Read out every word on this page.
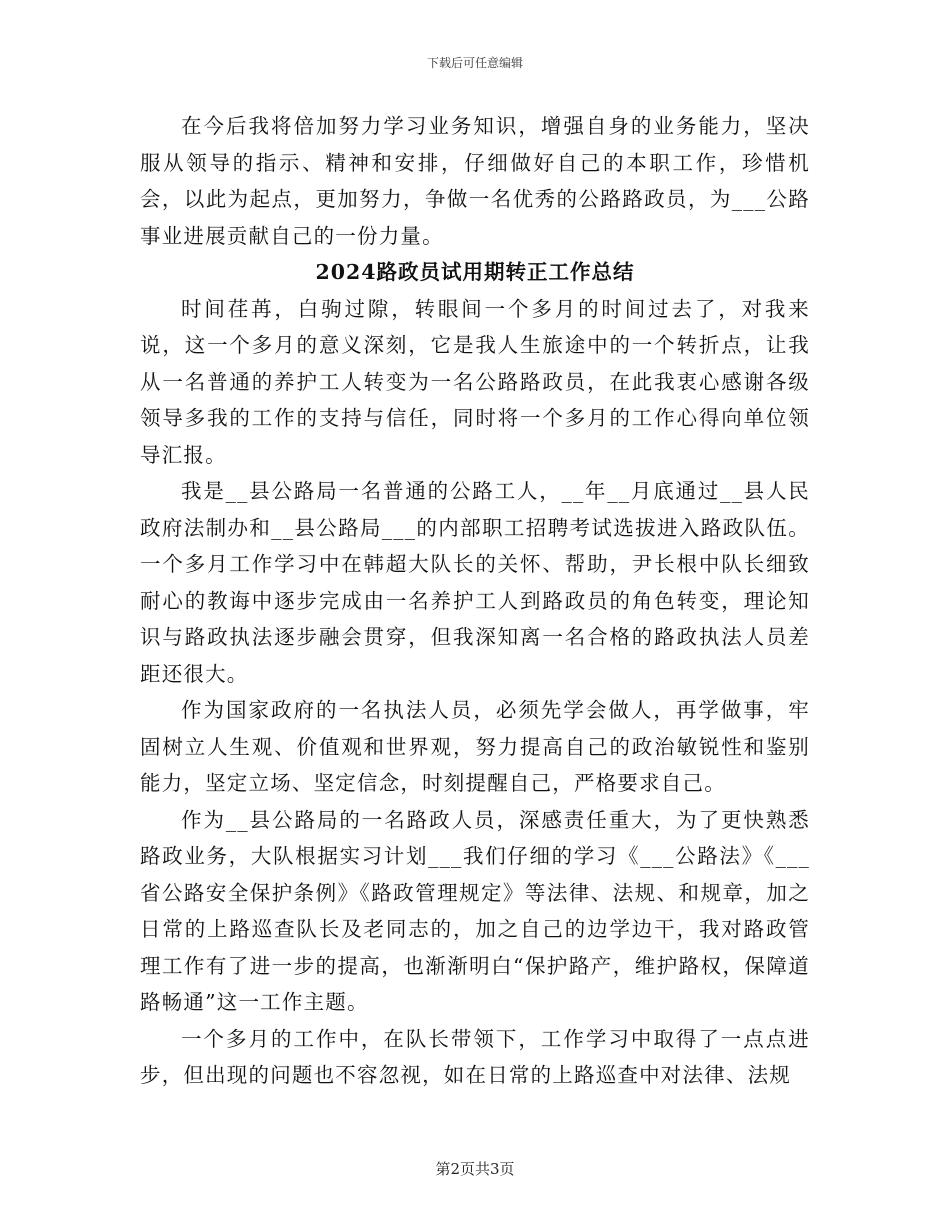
下载后可任意编辑

在今后我将倍加努力学习业务知识，增强自身的业务能力，坚决服从领导的指示、精神和安排，仔细做好自己的本职工作，珍惜机会，以此为起点，更加努力，争做一名优秀的公路路政员，为___公路事业进展贡献自己的一份力量。

2024路政员试用期转正工作总结

时间荏苒，白驹过隙，转眼间一个多月的时间过去了，对我来说，这一个多月的意义深刻，它是我人生旅途中的一个转折点，让我从一名普通的养护工人转变为一名公路路政员，在此我衷心感谢各级领导多我的工作的支持与信任，同时将一个多月的工作心得向单位领导汇报。

我是__县公路局一名普通的公路工人，__年__月底通过__县人民政府法制办和__县公路局___的内部职工招聘考试选拔进入路政队伍。一个多月工作学习中在韩超大队长的关怀、帮助，尹长根中队长细致耐心的教诲中逐步完成由一名养护工人到路政员的角色转变，理论知识与路政执法逐步融会贯穿，但我深知离一名合格的路政执法人员差距还很大。

作为国家政府的一名执法人员，必须先学会做人，再学做事，牢固树立人生观、价值观和世界观，努力提高自己的政治敏锐性和鉴别能力，坚定立场、坚定信念，时刻提醒自己，严格要求自己。

作为__县公路局的一名路政人员，深感责任重大，为了更快熟悉路政业务，大队根据实习计划___我们仔细的学习《___公路法》《___省公路安全保护条例》《路政管理规定》等法律、法规、和规章，加之日常的上路巡查队长及老同志的，加之自己的边学边干，我对路政管理工作有了进一步的提高，也渐渐明白“保护路产，维护路权，保障道路畅通”这一工作主题。

一个多月的工作中，在队长带领下，工作学习中取得了一点点进步，但出现的问题也不容忽视，如在日常的上路巡查中对法律、法规

第2页共3页
